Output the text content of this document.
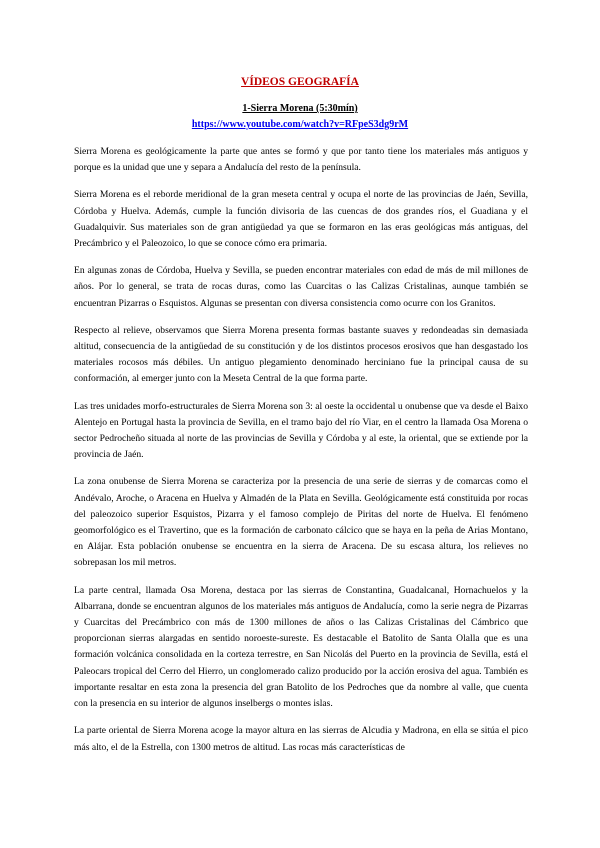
VÍDEOS GEOGRAFÍA
1-Sierra Morena (5:30mín)
https://www.youtube.com/watch?v=RFpeS3dg9rM

Sierra Morena es geológicamente la parte que antes se formó y que por tanto tiene los materiales más antiguos y porque es la unidad que une y separa a Andalucía del resto de la península.

Sierra Morena es el reborde meridional de la gran meseta central y ocupa el norte de las provincias de Jaén, Sevilla, Córdoba y Huelva. Además, cumple la función divisoria de las cuencas de dos grandes ríos, el Guadiana y el Guadalquivir. Sus materiales son de gran antigüedad ya que se formaron en las eras geológicas más antiguas, del Precámbrico y el Paleozoico, lo que se conoce cómo era primaria.

En algunas zonas de Córdoba, Huelva y Sevilla, se pueden encontrar materiales con edad de más de mil millones de años. Por lo general, se trata de rocas duras, como las Cuarcitas o las Calizas Cristalinas, aunque también se encuentran Pizarras o Esquistos. Algunas se presentan con diversa consistencia como ocurre con los Granitos.

Respecto al relieve, observamos que Sierra Morena presenta formas bastante suaves y redondeadas sin demasiada altitud, consecuencia de la antigüedad de su constitución y de los distintos procesos erosivos que han desgastado los materiales rocosos más débiles. Un antiguo plegamiento denominado herciniano fue la principal causa de su conformación, al emerger junto con la Meseta Central de la que forma parte.

Las tres unidades morfo-estructurales de Sierra Morena son 3: al oeste la occidental u onubense que va desde el Baixo Alentejo en Portugal hasta la provincia de Sevilla, en el tramo bajo del río Viar, en el centro la llamada Osa Morena o sector Pedrocheño situada al norte de las provincias de Sevilla y Córdoba y al este, la oriental, que se extiende por la provincia de Jaén.

La zona onubense de Sierra Morena se caracteriza por la presencia de una serie de sierras y de comarcas como el Andévalo, Aroche, o Aracena en Huelva y Almadén de la Plata en Sevilla. Geológicamente está constituida por rocas del paleozoico superior Esquistos, Pizarra y el famoso complejo de Piritas del norte de Huelva. El fenómeno geomorfológico es el Travertino, que es la formación de carbonato cálcico que se haya en la peña de Arias Montano, en Alájar. Esta población onubense se encuentra en la sierra de Aracena. De su escasa altura, los relieves no sobrepasan los mil metros.

La parte central, llamada Osa Morena, destaca por las sierras de Constantina, Guadalcanal, Hornachuelos y la Albarrana, donde se encuentran algunos de los materiales más antiguos de Andalucía, como la serie negra de Pizarras y Cuarcitas del Precámbrico con más de 1300 millones de años o las Calizas Cristalinas del Cámbrico que proporcionan sierras alargadas en sentido noroeste-sureste. Es destacable el Batolito de Santa Olalla que es una formación volcánica consolidada en la corteza terrestre, en San Nicolás del Puerto en la provincia de Sevilla, está el Paleocars tropical del Cerro del Hierro, un conglomerado calizo producido por la acción erosiva del agua. También es importante resaltar en esta zona la presencia del gran Batolito de los Pedroches que da nombre al valle, que cuenta con la presencia en su interior de algunos inselbergs o montes islas.

La parte oriental de Sierra Morena acoge la mayor altura en las sierras de Alcudia y Madrona, en ella se sitúa el pico más alto, el de la Estrella, con 1300 metros de altitud. Las rocas más características de
